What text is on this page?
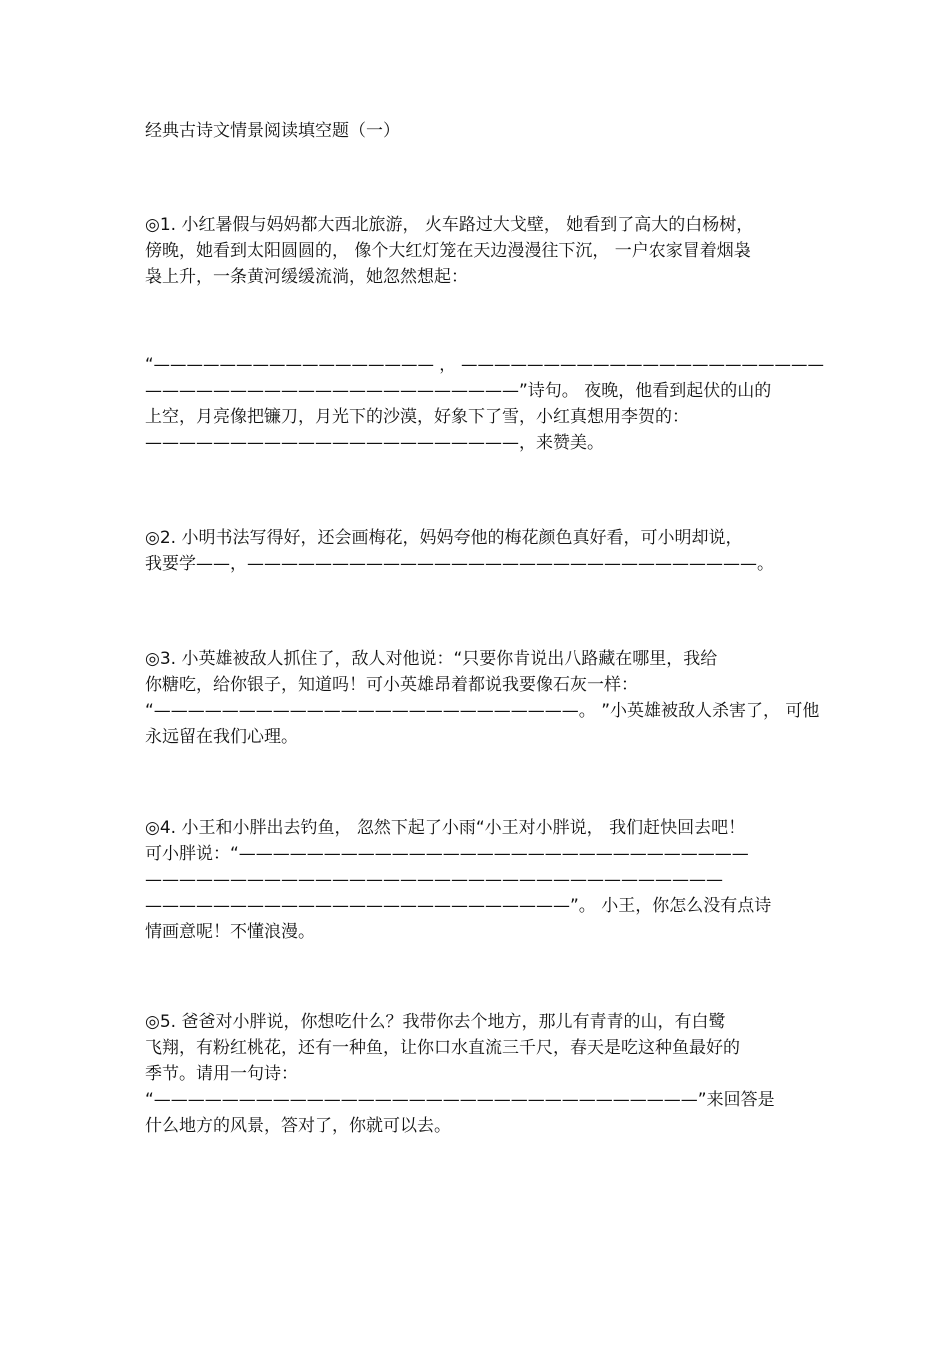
经典古诗文情景阅读填空题（一）
◎1. 小红暑假与妈妈都大西北旅游， 火车路过大戈壁， 她看到了高大的白杨树，
傍晚，她看到太阳圆圆的， 像个大红灯笼在天边漫漫往下沉， 一户农家冒着烟袅
袅上升，一条黄河缓缓流淌，她忽然想起：
“————————————————— ， ——————————————————————
——————————————————————”诗句。 夜晚，他看到起伏的山的
上空，月亮像把镰刀，月光下的沙漠，好象下了雪，小红真想用李贺的：
——————————————————————，来赞美。
◎2. 小明书法写得好，还会画梅花，妈妈夸他的梅花颜色真好看，可小明却说，
我要学——，——————————————————————————————。
◎3. 小英雄被敌人抓住了，敌人对他说：“只要你肯说出八路藏在哪里，我给
你糖吃，给你银子，知道吗！可小英雄昂着都说我要像石灰一样：
“—————————————————————————。 ”小英雄被敌人杀害了， 可他
永远留在我们心理。
◎4. 小王和小胖出去钓鱼， 忽然下起了小雨“小王对小胖说， 我们赶快回去吧！
可小胖说：“——————————————————————————————
——————————————————————————————————
—————————————————————————”。 小王，你怎么没有点诗
情画意呢！不懂浪漫。
◎5. 爸爸对小胖说，你想吃什么？我带你去个地方，那儿有青青的山，有白鹭
飞翔，有粉红桃花，还有一种鱼，让你口水直流三千尺，春天是吃这种鱼最好的
季节。请用一句诗：
“————————————————————————————————”来回答是
什么地方的风景，答对了，你就可以去。
